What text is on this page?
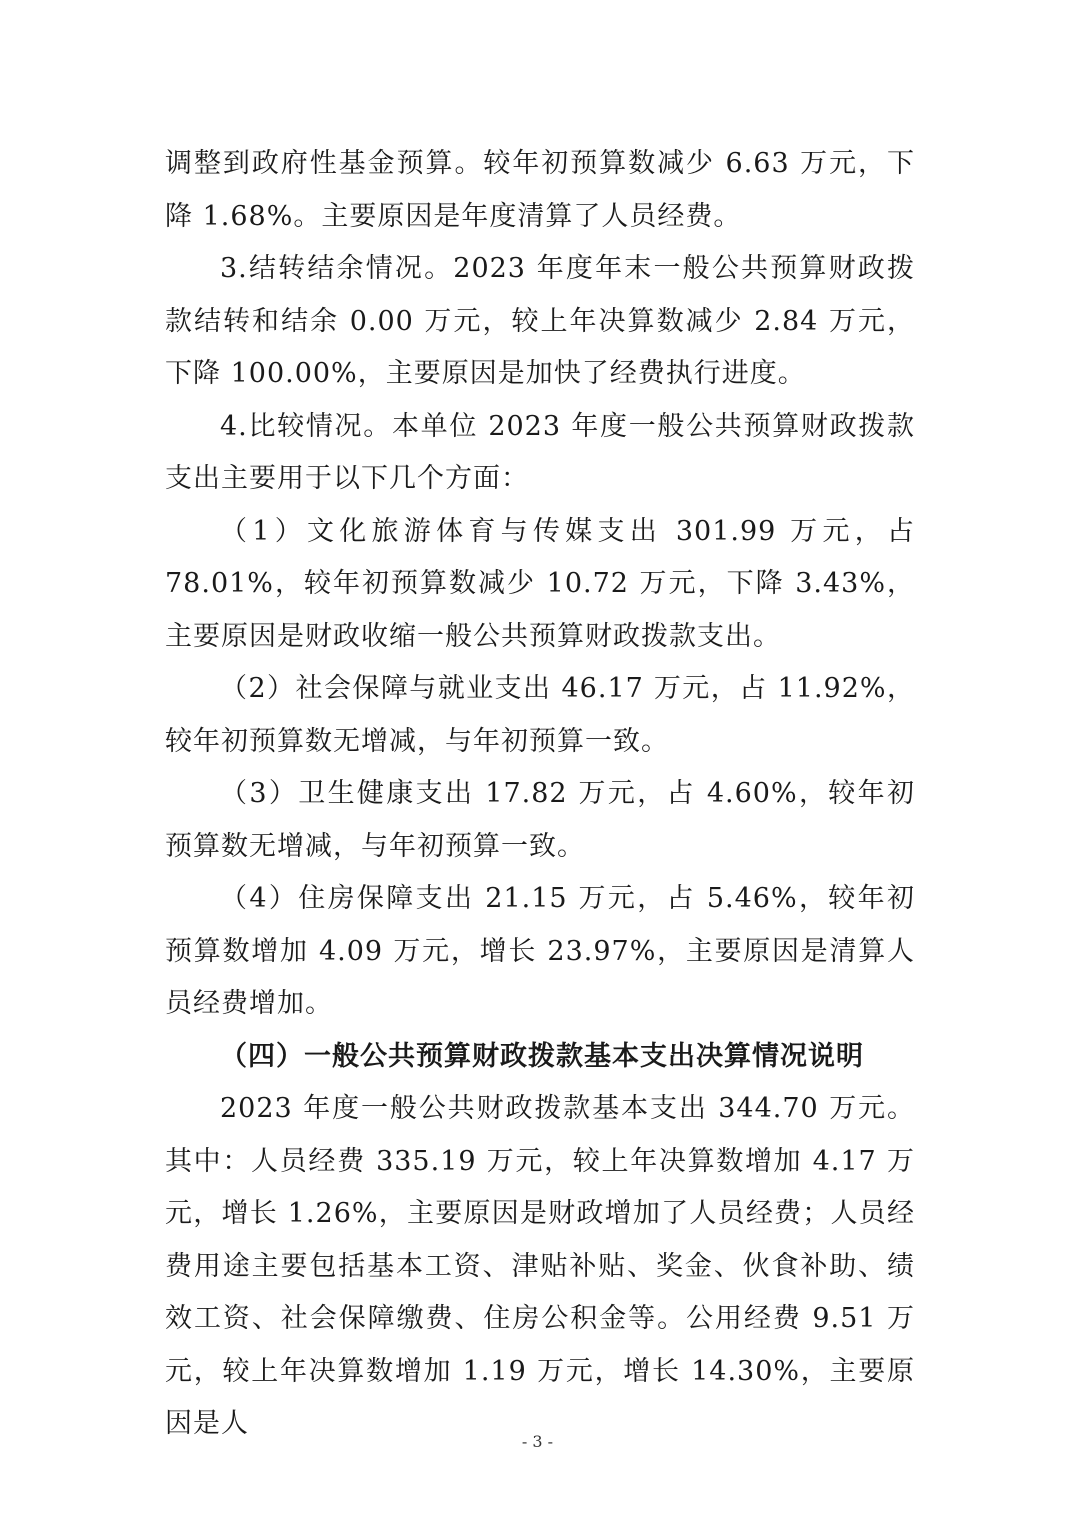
调整到政府性基金预算。较年初预算数减少 6.63 万元，下降 1.68%。主要原因是年度清算了人员经费。

3.结转结余情况。2023 年度年末一般公共预算财政拨款结转和结余 0.00 万元，较上年决算数减少 2.84 万元，下降 100.00%，主要原因是加快了经费执行进度。

4.比较情况。本单位 2023 年度一般公共预算财政拨款支出主要用于以下几个方面：

（1）文化旅游体育与传媒支出 301.99 万元，占 78.01%，较年初预算数减少 10.72 万元，下降 3.43%，主要原因是财政收缩一般公共预算财政拨款支出。

（2）社会保障与就业支出 46.17 万元，占 11.92%，较年初预算数无增减，与年初预算一致。

（3）卫生健康支出 17.82 万元，占 4.60%，较年初预算数无增减，与年初预算一致。

（4）住房保障支出 21.15 万元，占 5.46%，较年初预算数增加 4.09 万元，增长 23.97%，主要原因是清算人员经费增加。

（四）一般公共预算财政拨款基本支出决算情况说明

2023 年度一般公共财政拨款基本支出 344.70 万元。其中：人员经费 335.19 万元，较上年决算数增加 4.17 万元，增长 1.26%，主要原因是财政增加了人员经费；人员经费用途主要包括基本工资、津贴补贴、奖金、伙食补助、绩效工资、社会保障缴费、住房公积金等。公用经费 9.51 万元，较上年决算数增加 1.19 万元，增长 14.30%，主要原因是人

- 3 -
